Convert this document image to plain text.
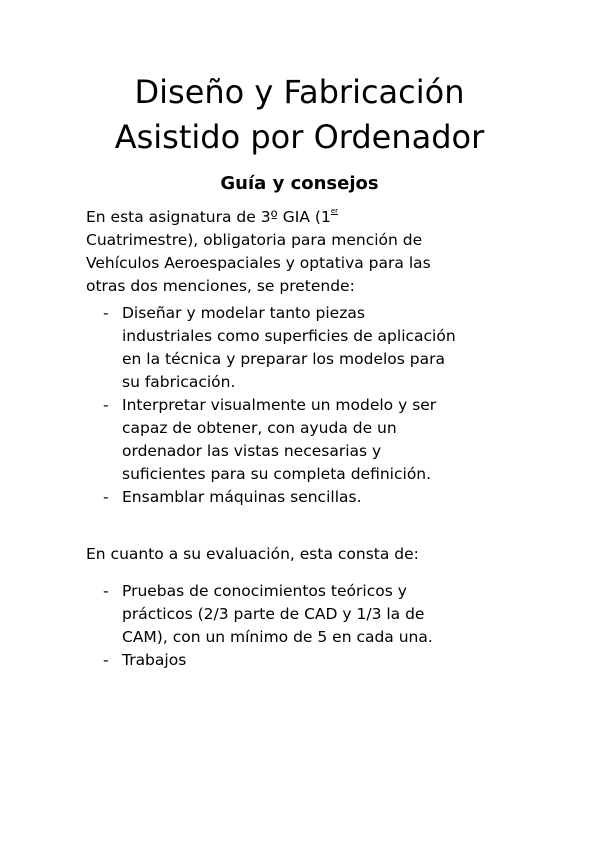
Diseño y Fabricación
Asistido por Ordenador
Guía y consejos

En esta asignatura de 3º GIA (1er
Cuatrimestre), obligatoria para mención de
Vehículos Aeroespaciales y optativa para las
otras dos menciones, se pretende:

- Diseñar y modelar tanto piezas
industriales como superficies de aplicación
en la técnica y preparar los modelos para
su fabricación.
- Interpretar visualmente un modelo y ser
capaz de obtener, con ayuda de un
ordenador las vistas necesarias y
suficientes para su completa definición.
- Ensamblar máquinas sencillas.

En cuanto a su evaluación, esta consta de:

- Pruebas de conocimientos teóricos y
prácticos (2/3 parte de CAD y 1/3 la de
CAM), con un mínimo de 5 en cada una.
- Trabajos
